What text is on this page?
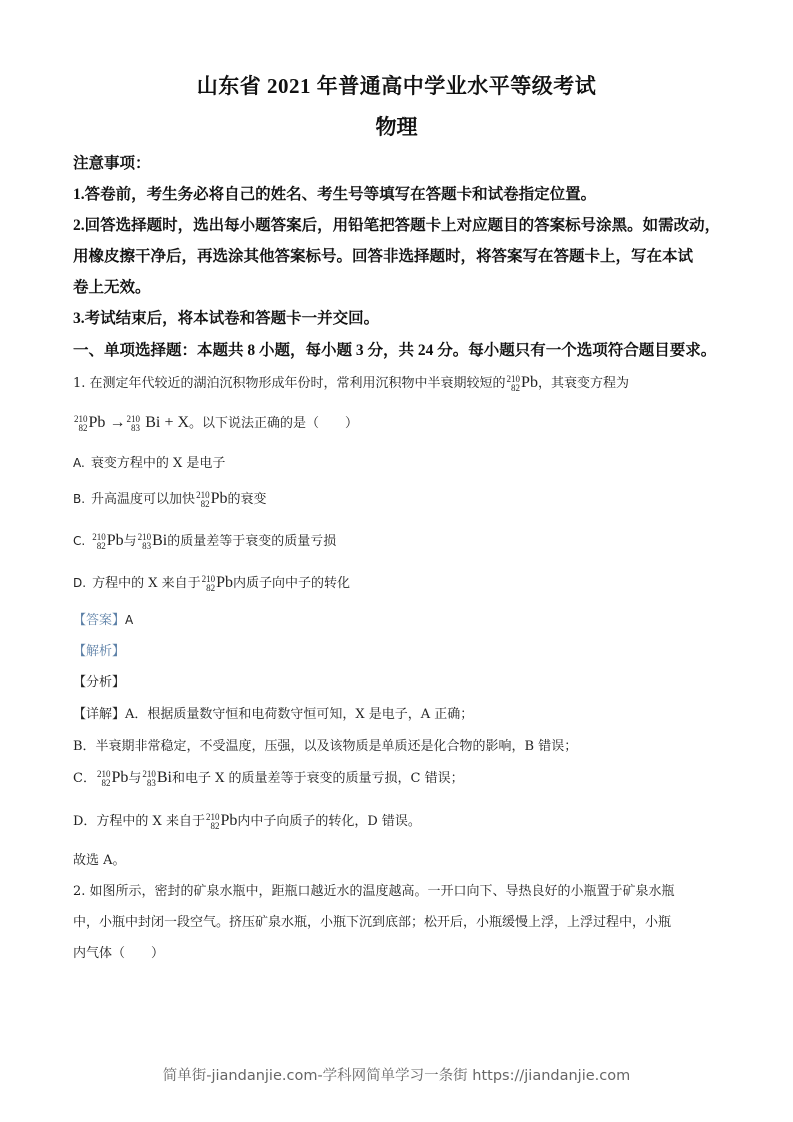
山东省 2021 年普通高中学业水平等级考试
物理
注意事项：
1.答卷前，考生务必将自己的姓名、考生号等填写在答题卡和试卷指定位置。
2.回答选择题时，选出每小题答案后，用铅笔把答题卡上对应题目的答案标号涂黑。如需改动，
用橡皮擦干净后，再选涂其他答案标号。回答非选择题时，将答案写在答题卡上，写在本试
卷上无效。
3.考试结束后，将本试卷和答题卡一并交回。
一、单项选择题：本题共 8 小题，每小题 3 分，共 24 分。每小题只有一个选项符合题目要求。
1. 在测定年代较近的湖泊沉积物形成年份时，常利用沉积物中半衰期较短的 210
82 Pb，其衰变方程为
210
82 Pb → 210
83 Bi + X。以下说法正确的是（　　）
A. 衰变方程中的 X 是电子
B. 升高温度可以加快 210
82 Pb的衰变
C. 210
82 Pb与 210
83 Bi的质量差等于衰变的质量亏损
D. 方程中的 X 来自于 210
82 Pb内质子向中子的转化
【答案】A
【解析】
【分析】
【详解】A．根据质量数守恒和电荷数守恒可知，X 是电子，A 正确；
B．半衰期非常稳定，不受温度，压强，以及该物质是单质还是化合物的影响，B 错误；
C． 210
82 Pb与 210
83 Bi和电子 X 的质量差等于衰变的质量亏损，C 错误；
D．方程中的 X 来自于 210
82 Pb内中子向质子的转化，D 错误。
故选 A。
2. 如图所示，密封的矿泉水瓶中，距瓶口越近水的温度越高。一开口向下、导热良好的小瓶置于矿泉水瓶
中，小瓶中封闭一段空气。挤压矿泉水瓶，小瓶下沉到底部；松开后，小瓶缓慢上浮，上浮过程中，小瓶
内气体（　　）
简单街-jiandanjie.com-学科网简单学习一条街 https://jiandanjie.com
